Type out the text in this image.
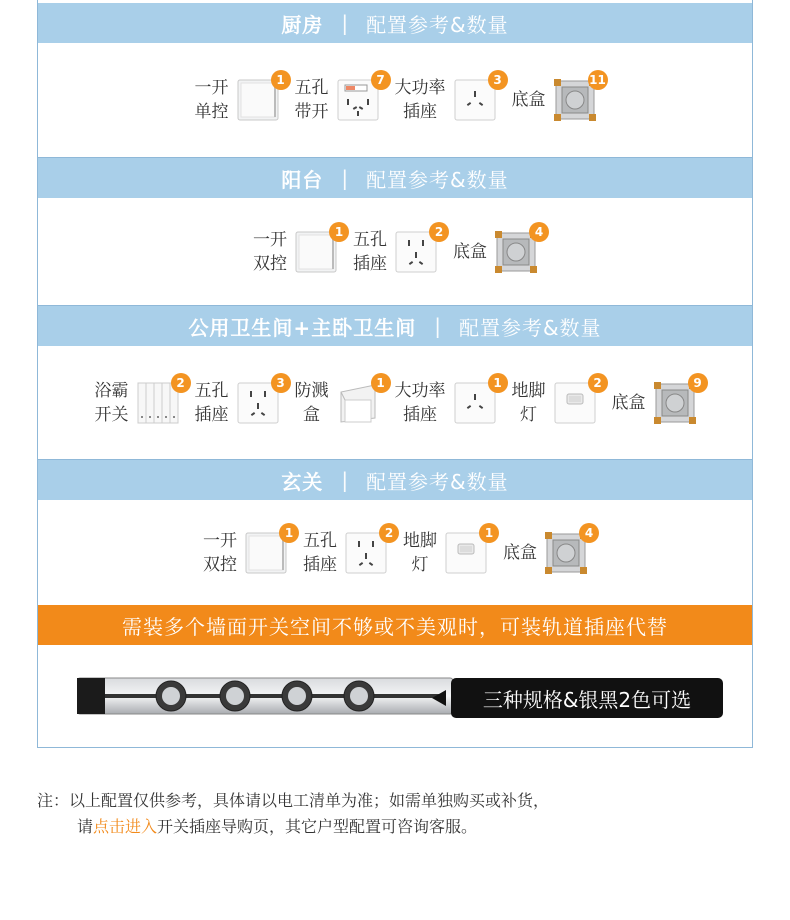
厨房 | 配置参考&数量
一开
单控
1 五孔
带开
7 大功率
插座
3
底盒
11
阳台 | 配置参考&数量
一开
双控
1 五孔
插座
2
底盒
4
公用卫生间+主卧卫生间 | 配置参考&数量
浴霸
开关
2 五孔
插座
3 防溅
盒
1 大功率
插座
1 地脚
灯
2
底盒
9
玄关 | 配置参考&数量
一开
双控
1 五孔
插座
2 地脚
灯
1
底盒
4
需装多个墙面开关空间不够或不美观时，可装轨道插座代替
三种规格&银黑2色可选
注：以上配置仅供参考，具体请以电工清单为准；如需单独购买或补货，
请点击进入开关插座导购页，其它户型配置可咨询客服。
